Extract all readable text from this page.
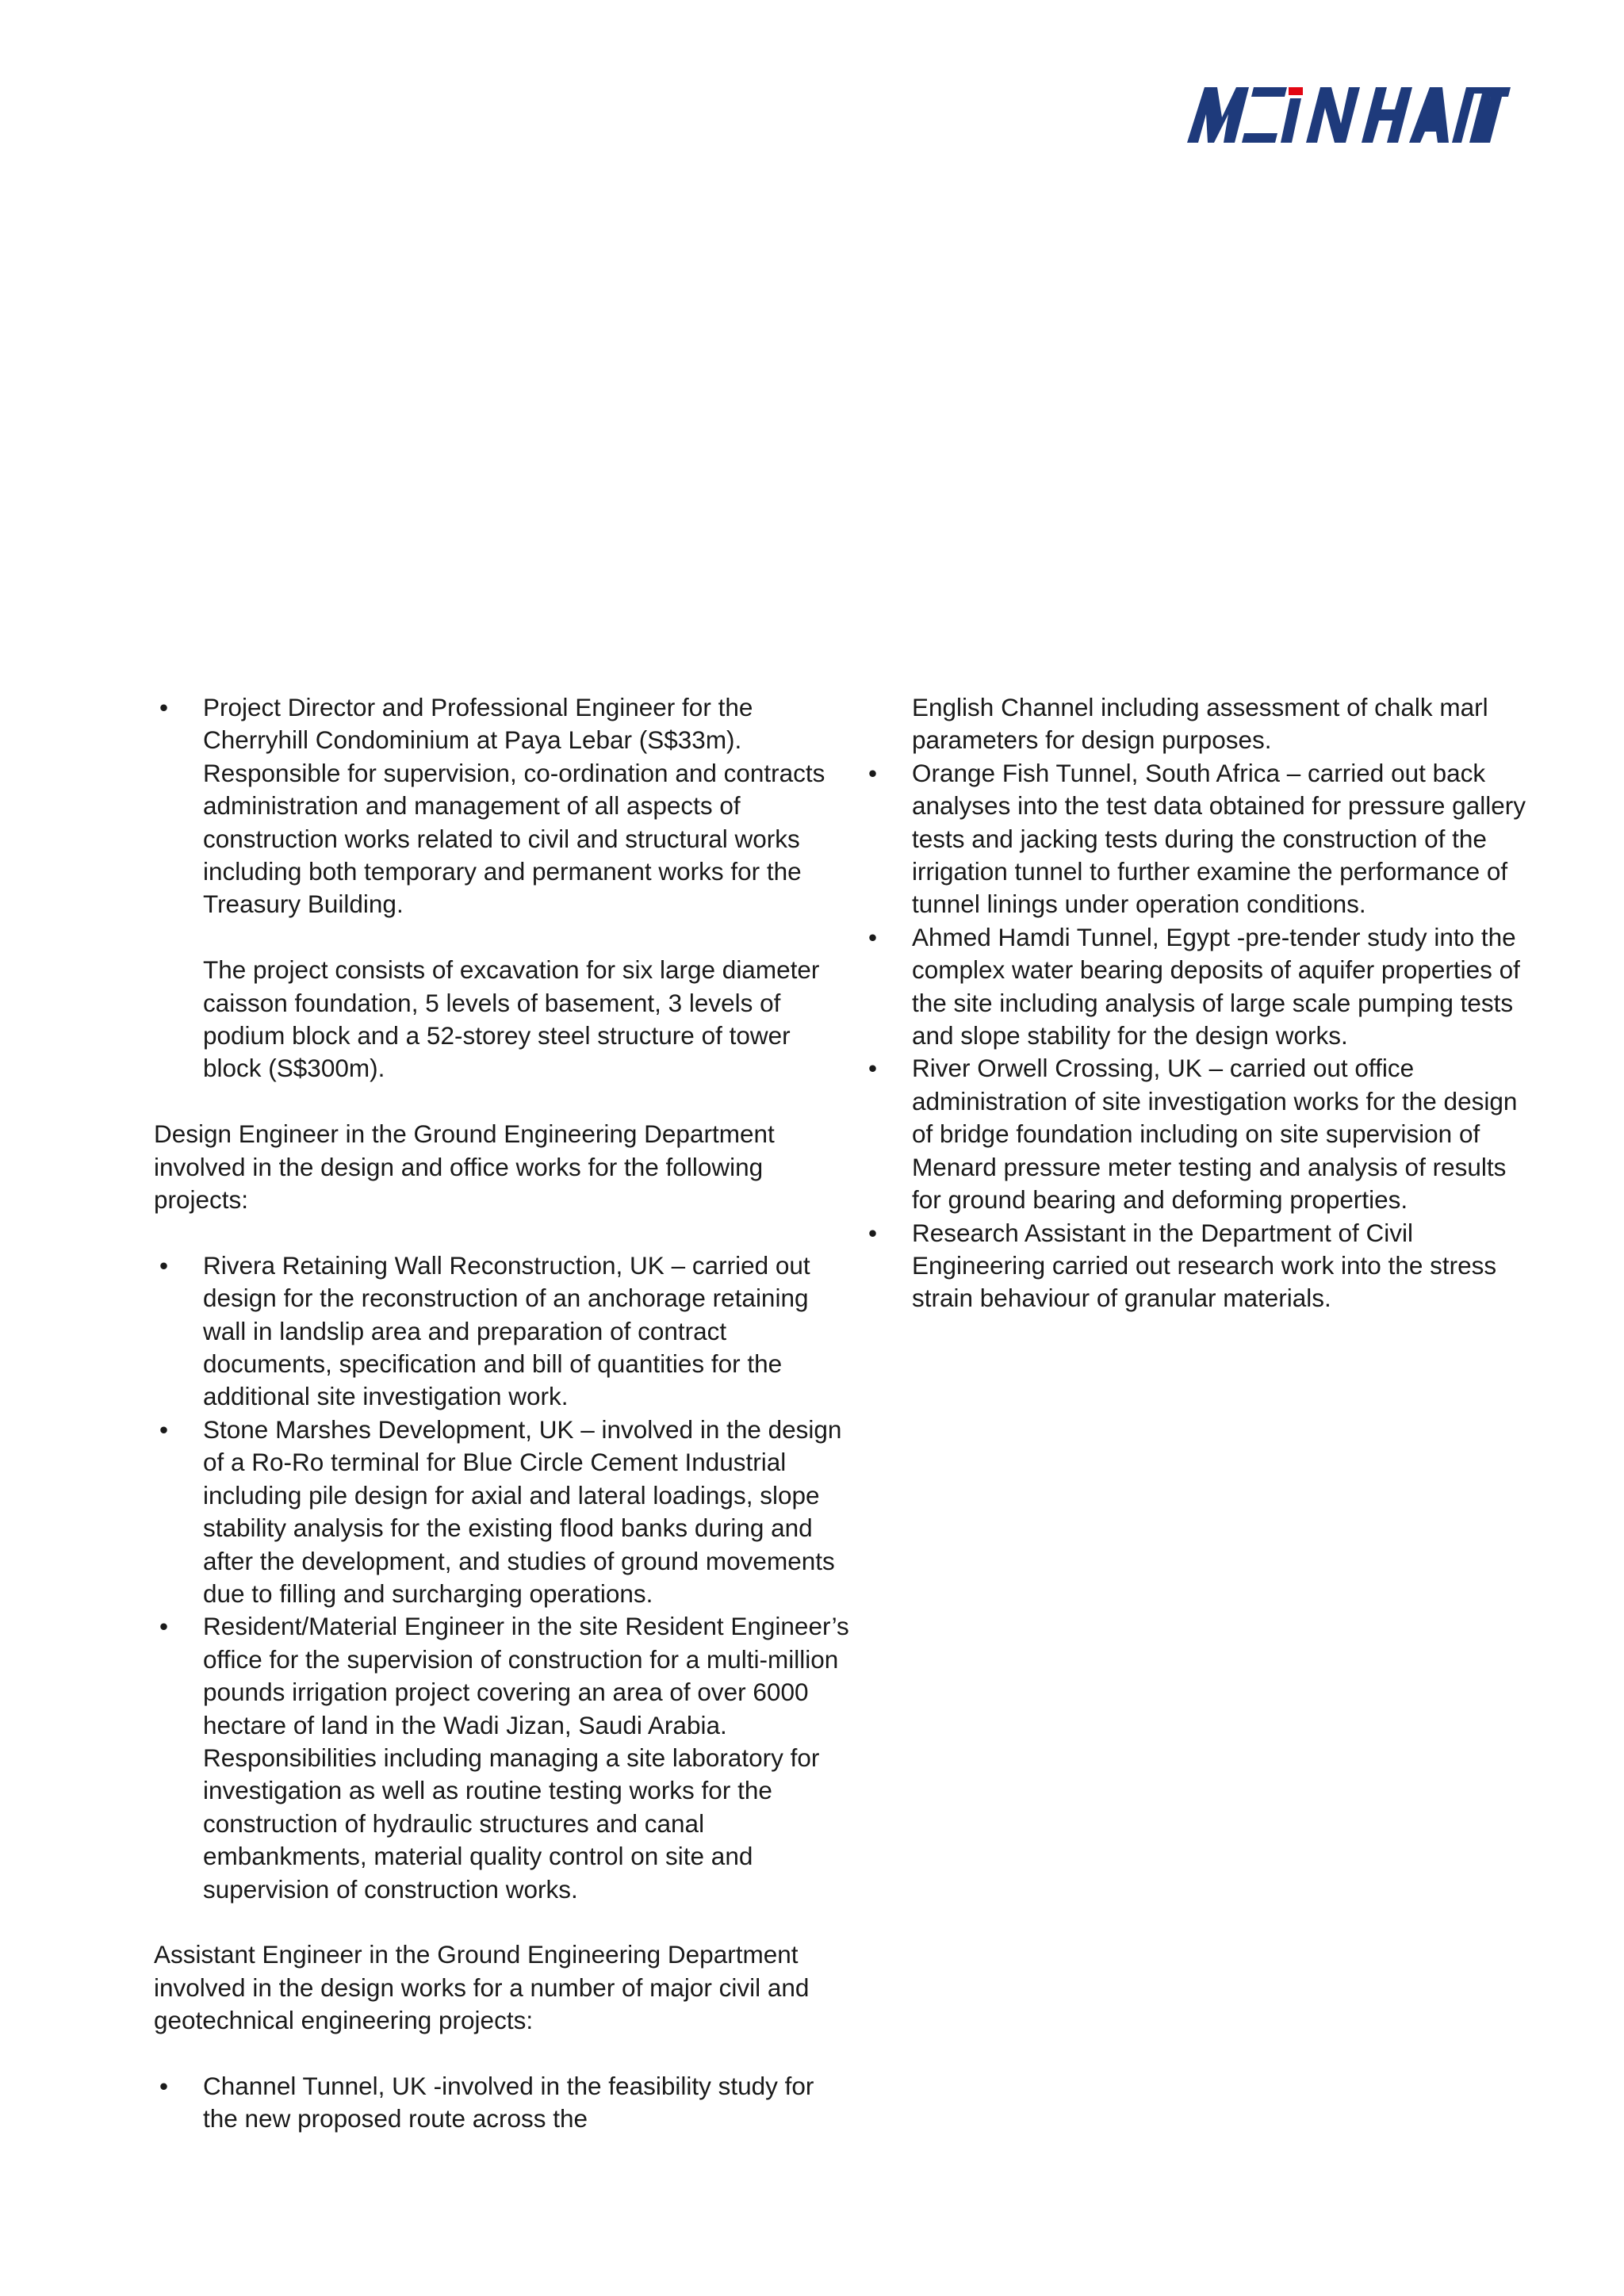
• Project Director and Professional Engineer for the Cherryhill Condominium at Paya Lebar (S$33m). Responsible for supervision, co-ordination and contracts administration and management of all aspects of construction works related to civil and structural works including both temporary and permanent works for the Treasury Building.

The project consists of excavation for six large diameter caisson foundation, 5 levels of basement, 3 levels of podium block and a 52-storey steel structure of tower block (S$300m).

Design Engineer in the Ground Engineering Department involved in the design and office works for the following projects:

• Rivera Retaining Wall Reconstruction, UK – carried out design for the reconstruction of an anchorage retaining wall in landslip area and preparation of contract documents, specification and bill of quantities for the additional site investigation work.
• Stone Marshes Development, UK – involved in the design of a Ro-Ro terminal for Blue Circle Cement Industrial including pile design for axial and lateral loadings, slope stability analysis for the existing flood banks during and after the development, and studies of ground movements due to filling and surcharging operations.
• Resident/Material Engineer in the site Resident Engineer’s office for the supervision of construction for a multi-million pounds irrigation project covering an area of over 6000 hectare of land in the Wadi Jizan, Saudi Arabia. Responsibilities including managing a site laboratory for investigation as well as routine testing works for the construction of hydraulic structures and canal embankments, material quality control on site and supervision of construction works.

Assistant Engineer in the Ground Engineering Department involved in the design works for a number of major civil and geotechnical engineering projects:

• Channel Tunnel, UK -involved in the feasibility study for the new proposed route across the

English Channel including assessment of chalk marl parameters for design purposes.

• Orange Fish Tunnel, South Africa – carried out back analyses into the test data obtained for pressure gallery tests and jacking tests during the construction of the irrigation tunnel to further examine the performance of tunnel linings under operation conditions.
• Ahmed Hamdi Tunnel, Egypt -pre-tender study into the complex water bearing deposits of aquifer properties of the site including analysis of large scale pumping tests and slope stability for the design works.
• River Orwell Crossing, UK – carried out office administration of site investigation works for the design of bridge foundation including on site supervision of Menard pressure meter testing and analysis of results for ground bearing and deforming properties.
• Research Assistant in the Department of Civil Engineering carried out research work into the stress strain behaviour of granular materials.
